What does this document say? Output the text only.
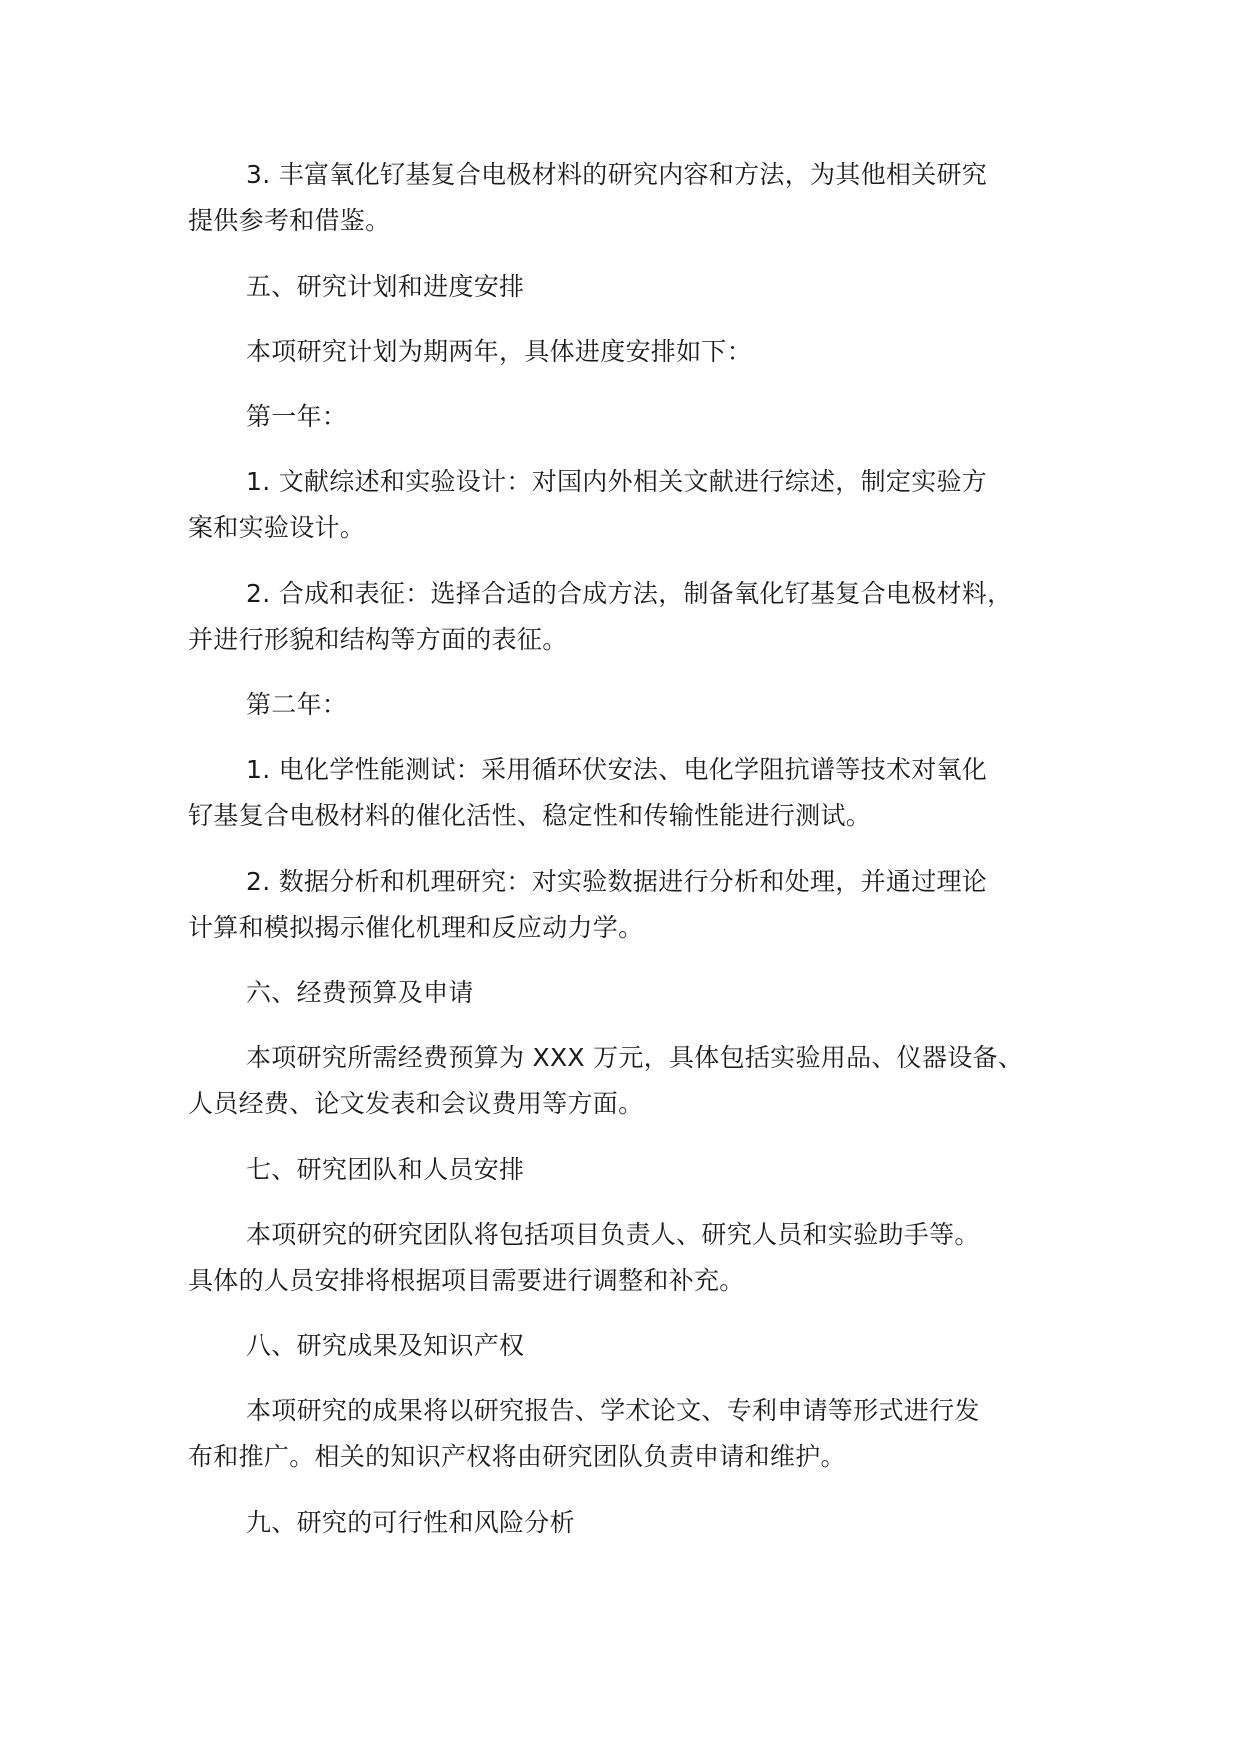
3. 丰富氧化钌基复合电极材料的研究内容和方法，为其他相关研究
提供参考和借鉴。
五、研究计划和进度安排
本项研究计划为期两年，具体进度安排如下：
第一年：
1. 文献综述和实验设计：对国内外相关文献进行综述，制定实验方
案和实验设计。
2. 合成和表征：选择合适的合成方法，制备氧化钌基复合电极材料，
并进行形貌和结构等方面的表征。
第二年：
1. 电化学性能测试：采用循环伏安法、电化学阻抗谱等技术对氧化
钌基复合电极材料的催化活性、稳定性和传输性能进行测试。
2. 数据分析和机理研究：对实验数据进行分析和处理，并通过理论
计算和模拟揭示催化机理和反应动力学。
六、经费预算及申请
本项研究所需经费预算为 XXX 万元，具体包括实验用品、仪器设备、
人员经费、论文发表和会议费用等方面。
七、研究团队和人员安排
本项研究的研究团队将包括项目负责人、研究人员和实验助手等。
具体的人员安排将根据项目需要进行调整和补充。
八、研究成果及知识产权
本项研究的成果将以研究报告、学术论文、专利申请等形式进行发
布和推广。相关的知识产权将由研究团队负责申请和维护。
九、研究的可行性和风险分析
